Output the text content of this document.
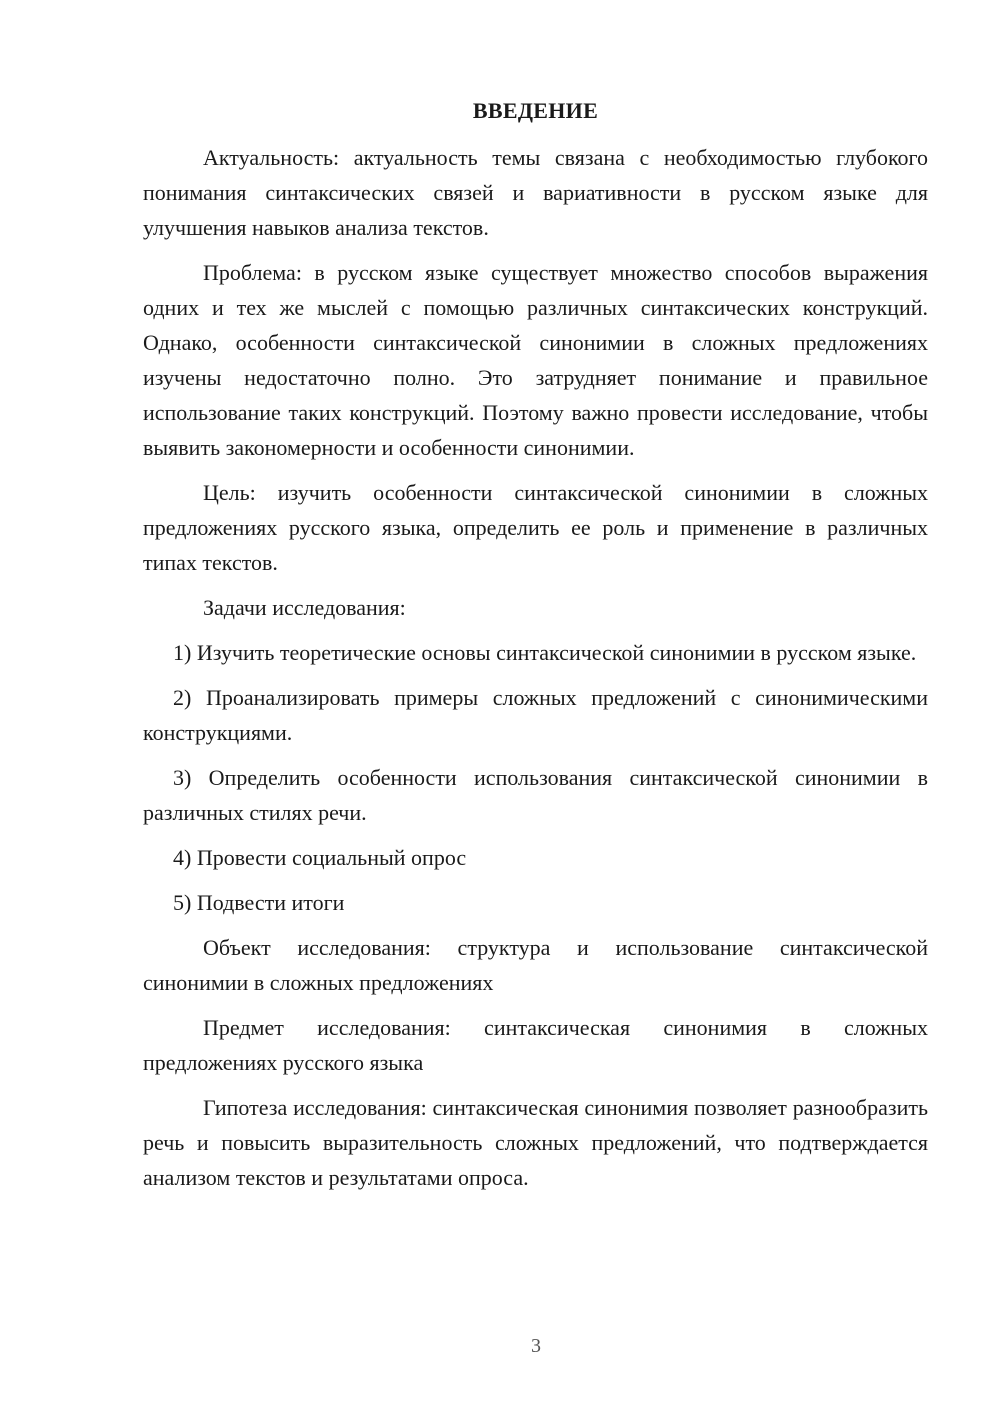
ВВЕДЕНИЕ

Актуальность: актуальность темы связана с необходимостью глубокого понимания синтаксических связей и вариативности в русском языке для улучшения навыков анализа текстов.

Проблема: в русском языке существует множество способов выражения одних и тех же мыслей с помощью различных синтаксических конструкций. Однако, особенности синтаксической синонимии в сложных предложениях изучены недостаточно полно. Это затрудняет понимание и правильное использование таких конструкций. Поэтому важно провести исследование, чтобы выявить закономерности и особенности синонимии.

Цель: изучить особенности синтаксической синонимии в сложных предложениях русского языка, определить ее роль и применение в различных типах текстов.

Задачи исследования:

1) Изучить теоретические основы синтаксической синонимии в русском языке.

2) Проанализировать примеры сложных предложений с синонимическими конструкциями.

3) Определить особенности использования синтаксической синонимии в различных стилях речи.

4) Провести социальный опрос

5) Подвести итоги

Объект исследования: структура и использование синтаксической синонимии в сложных предложениях

Предмет исследования: синтаксическая синонимия в сложных предложениях русского языка

Гипотеза исследования: синтаксическая синонимия позволяет разнообразить речь и повысить выразительность сложных предложений, что подтверждается анализом текстов и результатами опроса.

3
